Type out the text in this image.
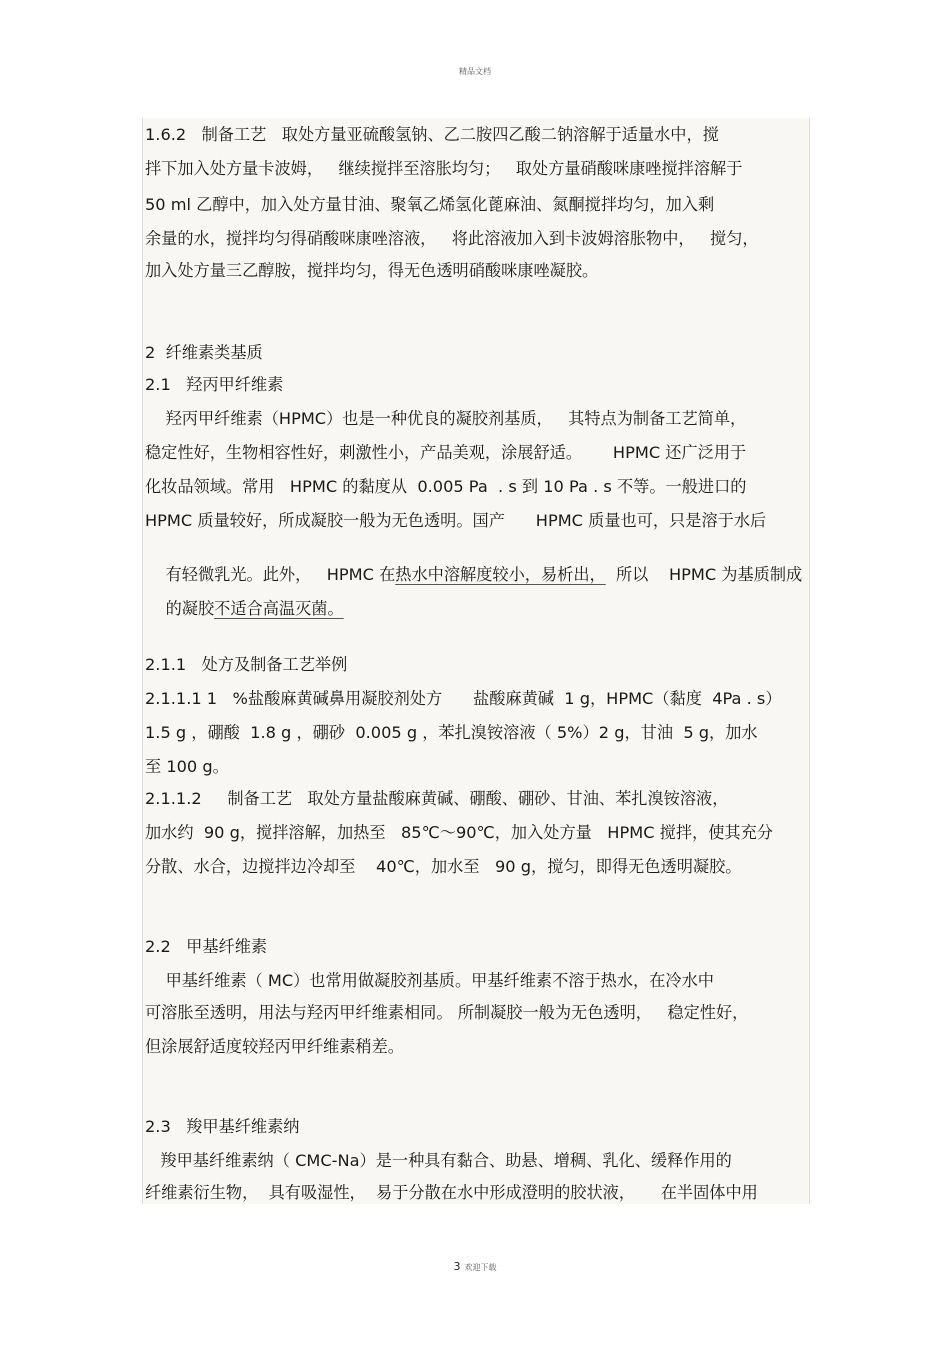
精品文档
1.6.2   制备工艺   取处方量亚硫酸氢钠、乙二胺四乙酸二钠溶解于适量水中，搅
拌下加入处方量卡波姆，   继续搅拌至溶胀均匀；   取处方量硝酸咪康唑搅拌溶解于
50 ml 乙醇中，加入处方量甘油、聚氧乙烯氢化蓖麻油、氮酮搅拌均匀，加入剩
余量的水，搅拌均匀得硝酸咪康唑溶液，   将此溶液加入到卡波姆溶胀物中，   搅匀，
加入处方量三乙醇胺，搅拌均匀，得无色透明硝酸咪康唑凝胶。
2  纤维素类基质
2.1   羟丙甲纤维素
羟丙甲纤维素（HPMC）也是一种优良的凝胶剂基质，   其特点为制备工艺简单，
稳定性好，生物相容性好，刺激性小，产品美观，涂展舒适。      HPMC 还广泛用于
化妆品领域。常用   HPMC 的黏度从  0.005 Pa  . s 到 10 Pa . s 不等。一般进口的
HPMC 质量较好，所成凝胶一般为无色透明。国产      HPMC 质量也可，只是溶于水后

有轻微乳光。此外，   HPMC 在热水中溶解度较小，易析出，  所以    HPMC 为基质制成

的凝胶不适合高温灭菌。

2.1.1   处方及制备工艺举例
2.1.1.1 1   %盐酸麻黄碱鼻用凝胶剂处方      盐酸麻黄碱  1 g，HPMC（黏度  4Pa . s）
1.5 g ，硼酸  1.8 g ，硼砂  0.005 g ，苯扎溴铵溶液（ 5%）2 g，甘油  5 g，加水
至 100 g。
2.1.1.2     制备工艺   取处方量盐酸麻黄碱、硼酸、硼砂、甘油、苯扎溴铵溶液，
加水约  90 g，搅拌溶解，加热至   85℃～90℃，加入处方量   HPMC 搅拌，使其充分
分散、水合，边搅拌边冷却至    40℃，加水至   90 g，搅匀，即得无色透明凝胶。
2.2   甲基纤维素
甲基纤维素（ MC）也常用做凝胶剂基质。甲基纤维素不溶于热水，在冷水中
可溶胀至透明，用法与羟丙甲纤维素相同。 所制凝胶一般为无色透明，   稳定性好，
但涂展舒适度较羟丙甲纤维素稍差。
2.3   羧甲基纤维素纳
羧甲基纤维素纳（ CMC-Na）是一种具有黏合、助悬、增稠、乳化、缓释作用的
纤维素衍生物，  具有吸湿性，  易于分散在水中形成澄明的胶状液，     在半固体中用
3 欢迎下载
